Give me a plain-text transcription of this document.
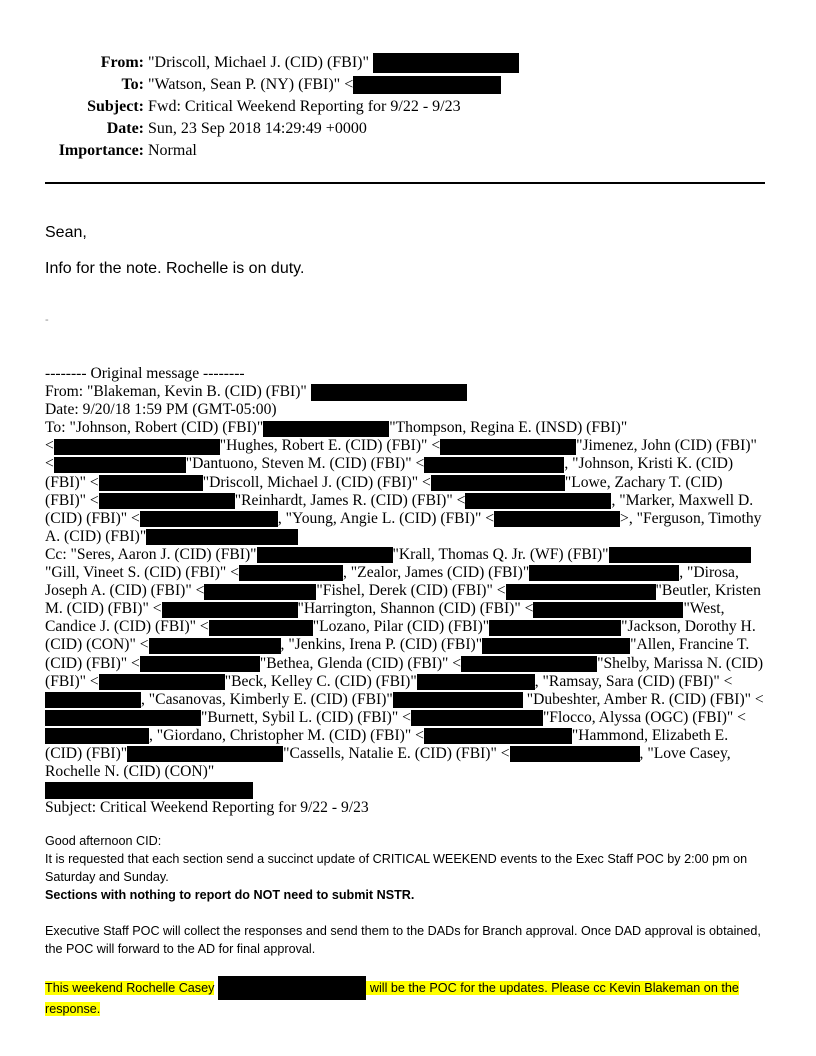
From: "Driscoll, Michael J. (CID) (FBI)"
To: "Watson, Sean P. (NY) (FBI)" <
Subject: Fwd: Critical Weekend Reporting for 9/22 - 9/23
Date: Sun, 23 Sep 2018 14:29:49 +0000
Importance: Normal
Sean,
Info for the note. Rochelle is on duty.
-

-------- Original message --------

From: "Blakeman, Kevin B. (CID) (FBI)"

Date: 9/20/18 1:59 PM (GMT-05:00)

To: "Johnson, Robert (CID) (FBI)"	"Thompson, Regina E. (INSD) (FBI)"
<	"Hughes, Robert E. (CID) (FBI)" <	"Jimenez, John (CID) (FBI)"
<	"Dantuono, Steven M. (CID) (FBI)" <	, "Johnson, Kristi K. (CID) (FBI)" <	"Driscoll, Michael J. (CID) (FBI)" <	"Lowe, Zachary T. (CID) (FBI)" <	"Reinhardt, James R. (CID) (FBI)" <	, "Marker, Maxwell D. (CID) (FBI)" <	, "Young, Angie L. (CID) (FBI)" <	>, "Ferguson, Timothy A. (CID) (FBI)"

Cc: "Seres, Aaron J. (CID) (FBI)"	"Krall, Thomas Q. Jr. (WF) (FBI)" "Gill, Vineet S. (CID) (FBI)" <	, "Zealor, James (CID) (FBI)"	, "Dirosa, Joseph A. (CID) (FBI)" <	"Fishel, Derek (CID) (FBI)" <	"Beutler, Kristen M. (CID) (FBI)" <	"Harrington, Shannon (CID) (FBI)" <	"West, Candice J. (CID) (FBI)" <	"Lozano, Pilar (CID) (FBI)"	"Jackson, Dorothy H. (CID) (CON)" <	, "Jenkins, Irena P. (CID) (FBI)"	"Allen, Francine T. (CID) (FBI)" <	"Bethea, Glenda (CID) (FBI)" <	"Shelby, Marissa N. (CID) (FBI)" <	"Beck, Kelley C. (CID) (FBI)"	, "Ramsay, Sara (CID) (FBI)" <, "Casanovas, Kimberly E. (CID) (FBI)"	"Dubeshter, Amber R. (CID) (FBI)" <"Burnett, Sybil L. (CID) (FBI)" <	"Flocco, Alyssa (OGC) (FBI)" <, "Giordano, Christopher M. (CID) (FBI)" <	"Hammond, Elizabeth E. (CID) (FBI)"	"Cassells, Natalie E. (CID) (FBI)" <	, "Love Casey, Rochelle N. (CID) (CON)"

Subject: Critical Weekend Reporting for 9/22 - 9/23

Good afternoon CID:

It is requested that each section send a succinct update of CRITICAL WEEKEND events to the Exec Staff POC by 2:00 pm on Saturday and Sunday.

Sections with nothing to report do NOT need to submit NSTR.

Executive Staff POC will collect the responses and send them to the DADs for Branch approval. Once DAD approval is obtained, the POC will forward to the AD for final approval.

This weekend Rochelle Casey	will be the POC for the updates. Please cc Kevin Blakeman on the response.
